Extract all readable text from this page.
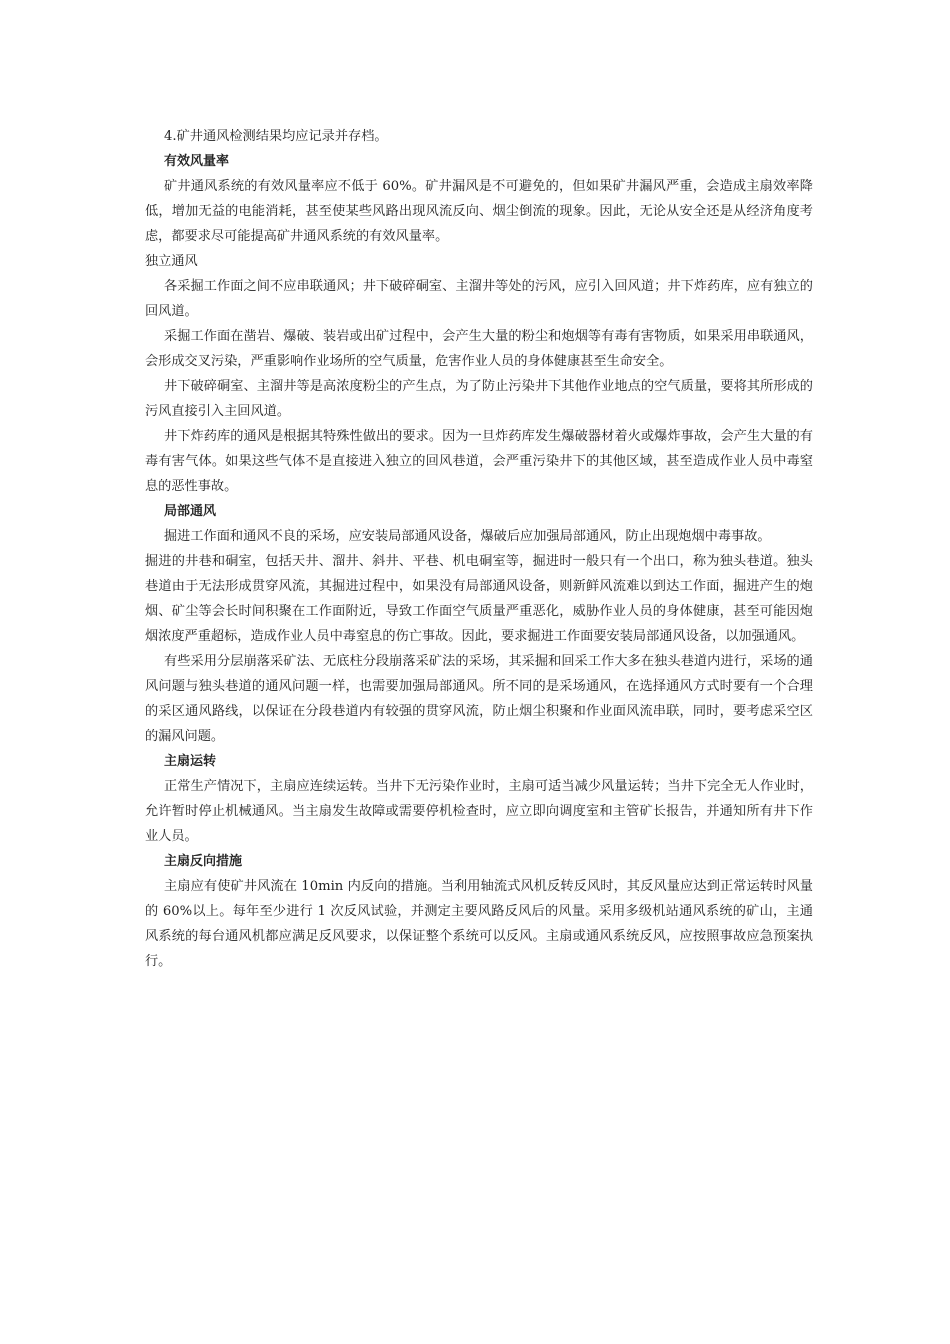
4.矿井通风检测结果均应记录并存档。

有效风量率

矿井通风系统的有效风量率应不低于 60%。矿井漏风是不可避免的，但如果矿井漏风严重，会造成主扇效率降低，增加无益的电能消耗，甚至使某些风路出现风流反向、烟尘倒流的现象。因此，无论从安全还是从经济角度考虑，都要求尽可能提高矿井通风系统的有效风量率。

独立通风

各采掘工作面之间不应串联通风；井下破碎硐室、主溜井等处的污风，应引入回风道；井下炸药库，应有独立的回风道。

采掘工作面在凿岩、爆破、装岩或出矿过程中，会产生大量的粉尘和炮烟等有毒有害物质，如果采用串联通风，会形成交叉污染，严重影响作业场所的空气质量，危害作业人员的身体健康甚至生命安全。

井下破碎硐室、主溜井等是高浓度粉尘的产生点，为了防止污染井下其他作业地点的空气质量，要将其所形成的污风直接引入主回风道。

井下炸药库的通风是根据其特殊性做出的要求。因为一旦炸药库发生爆破器材着火或爆炸事故，会产生大量的有毒有害气体。如果这些气体不是直接进入独立的回风巷道，会严重污染井下的其他区域，甚至造成作业人员中毒窒息的恶性事故。

局部通风

掘进工作面和通风不良的采场，应安装局部通风设备，爆破后应加强局部通风，防止出现炮烟中毒事故。

掘进的井巷和硐室，包括天井、溜井、斜井、平巷、机电硐室等，掘进时一般只有一个出口，称为独头巷道。独头巷道由于无法形成贯穿风流，其掘进过程中，如果没有局部通风设备，则新鲜风流难以到达工作面，掘进产生的炮烟、矿尘等会长时间积聚在工作面附近，导致工作面空气质量严重恶化，威胁作业人员的身体健康，甚至可能因炮烟浓度严重超标，造成作业人员中毒窒息的伤亡事故。因此，要求掘进工作面要安装局部通风设备，以加强通风。

有些采用分层崩落采矿法、无底柱分段崩落采矿法的采场，其采掘和回采工作大多在独头巷道内进行，采场的通风问题与独头巷道的通风问题一样，也需要加强局部通风。所不同的是采场通风，在选择通风方式时要有一个合理的采区通风路线，以保证在分段巷道内有较强的贯穿风流，防止烟尘积聚和作业面风流串联，同时，要考虑采空区的漏风问题。

主扇运转

正常生产情况下，主扇应连续运转。当井下无污染作业时，主扇可适当减少风量运转；当井下完全无人作业时，允许暂时停止机械通风。当主扇发生故障或需要停机检查时，应立即向调度室和主管矿长报告，并通知所有井下作业人员。

主扇反向措施

主扇应有使矿井风流在 10min 内反向的措施。当利用轴流式风机反转反风时，其反风量应达到正常运转时风量的 60%以上。每年至少进行 1 次反风试验，并测定主要风路反风后的风量。采用多级机站通风系统的矿山，主通风系统的每台通风机都应满足反风要求，以保证整个系统可以反风。主扇或通风系统反风，应按照事故应急预案执行。
